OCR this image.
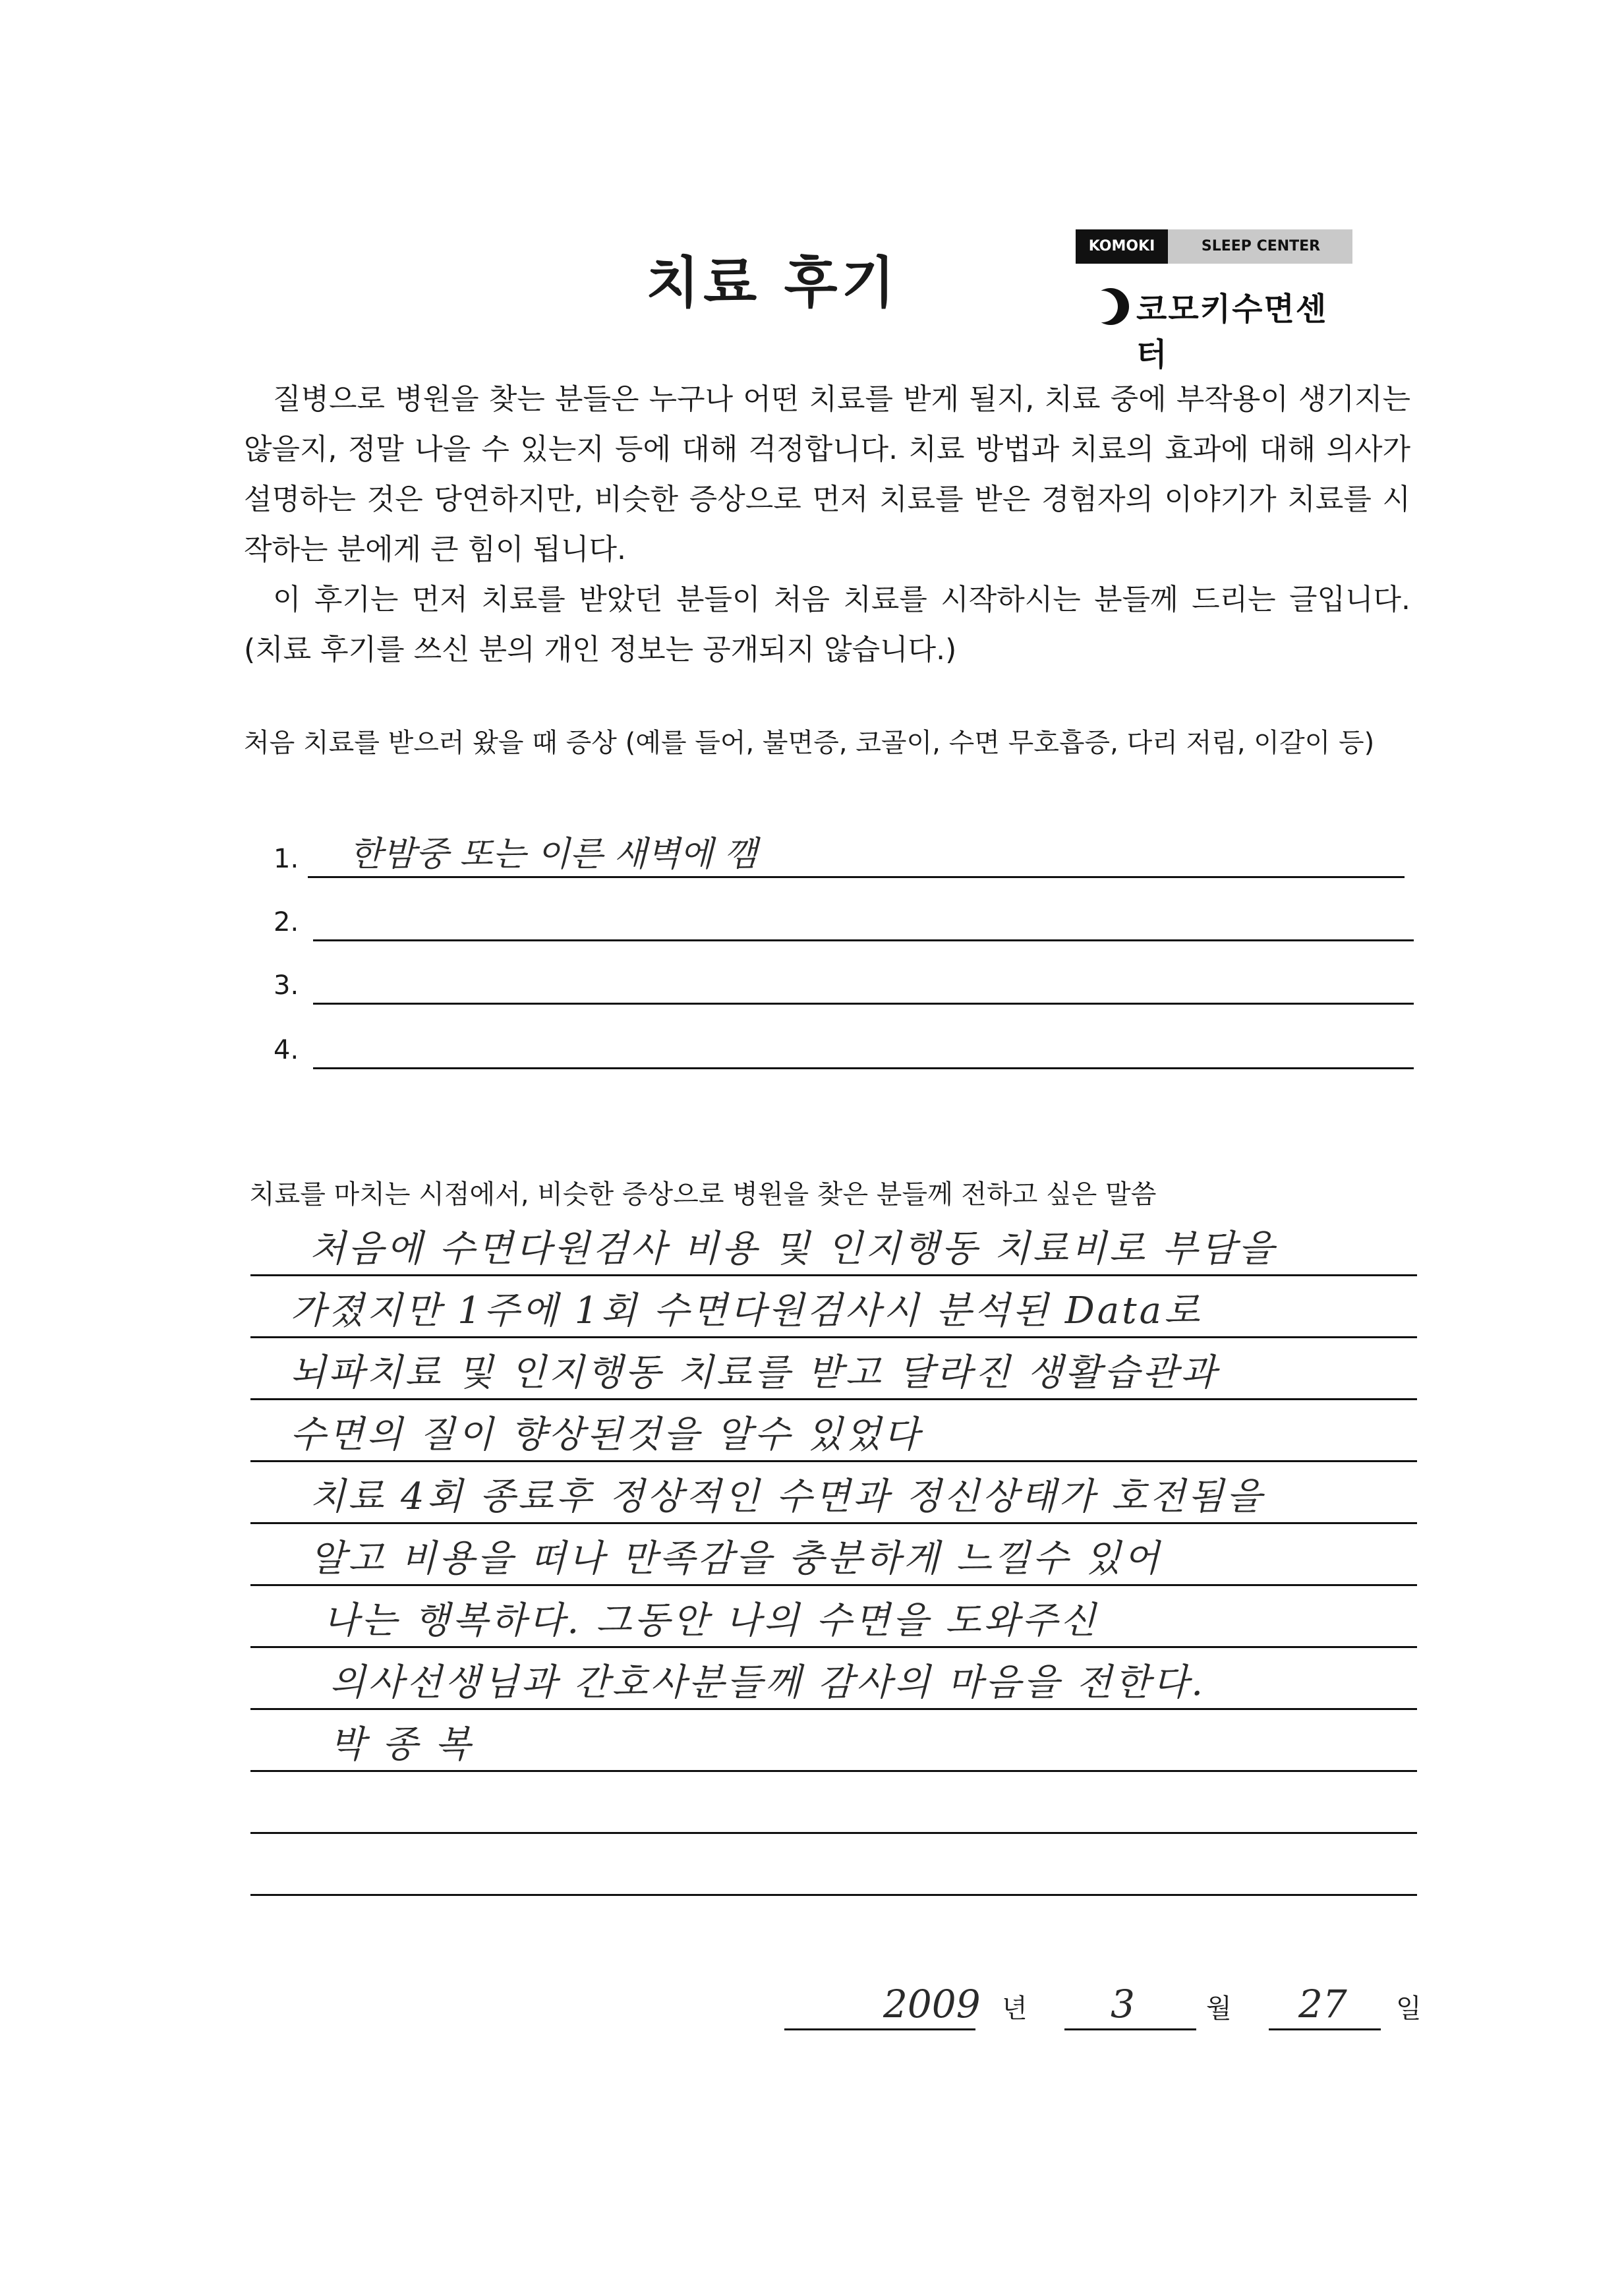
치료 후기
KOMOKI	SLEEP CENTER
코모키수면센터

질병으로 병원을 찾는 분들은 누구나 어떤 치료를 받게 될지, 치료 중에 부작용이 생기지는 않을지, 정말 나을 수 있는지 등에 대해 걱정합니다. 치료 방법과 치료의 효과에 대해 의사가 설명하는 것은 당연하지만, 비슷한 증상으로 먼저 치료를 받은 경험자의 이야기가 치료를 시작하는 분에게 큰 힘이 됩니다.

이 후기는 먼저 치료를 받았던 분들이 처음 치료를 시작하시는 분들께 드리는 글입니다. (치료 후기를 쓰신 분의 개인 정보는 공개되지 않습니다.)

처음 치료를 받으러 왔을 때 증상 (예를 들어, 불면증, 코골이, 수면 무호흡증, 다리 저림, 이갈이 등)
1. 한밤중 또는 이른 새벽에 깸
2.
3.
4.
치료를 마치는 시점에서, 비슷한 증상으로 병원을 찾은 분들께 전하고 싶은 말씀
처음에 수면다원검사 비용 및 인지행동 치료비로 부담을
가졌지만 1주에 1회 수면다원검사시 분석된 Data로
뇌파치료 및 인지행동 치료를 받고 달라진 생활습관과
수면의 질이 향상된것을 알수 있었다
치료 4회 종료후 정상적인 수면과 정신상태가 호전됨을
알고 비용을 떠나 만족감을 충분하게 느낄수 있어
나는 행복하다. 그동안 나의 수면을 도와주신
의사선생님과 간호사분들께 감사의 마음을 전한다.
박 종 복
2009 년 3	월 27 일
